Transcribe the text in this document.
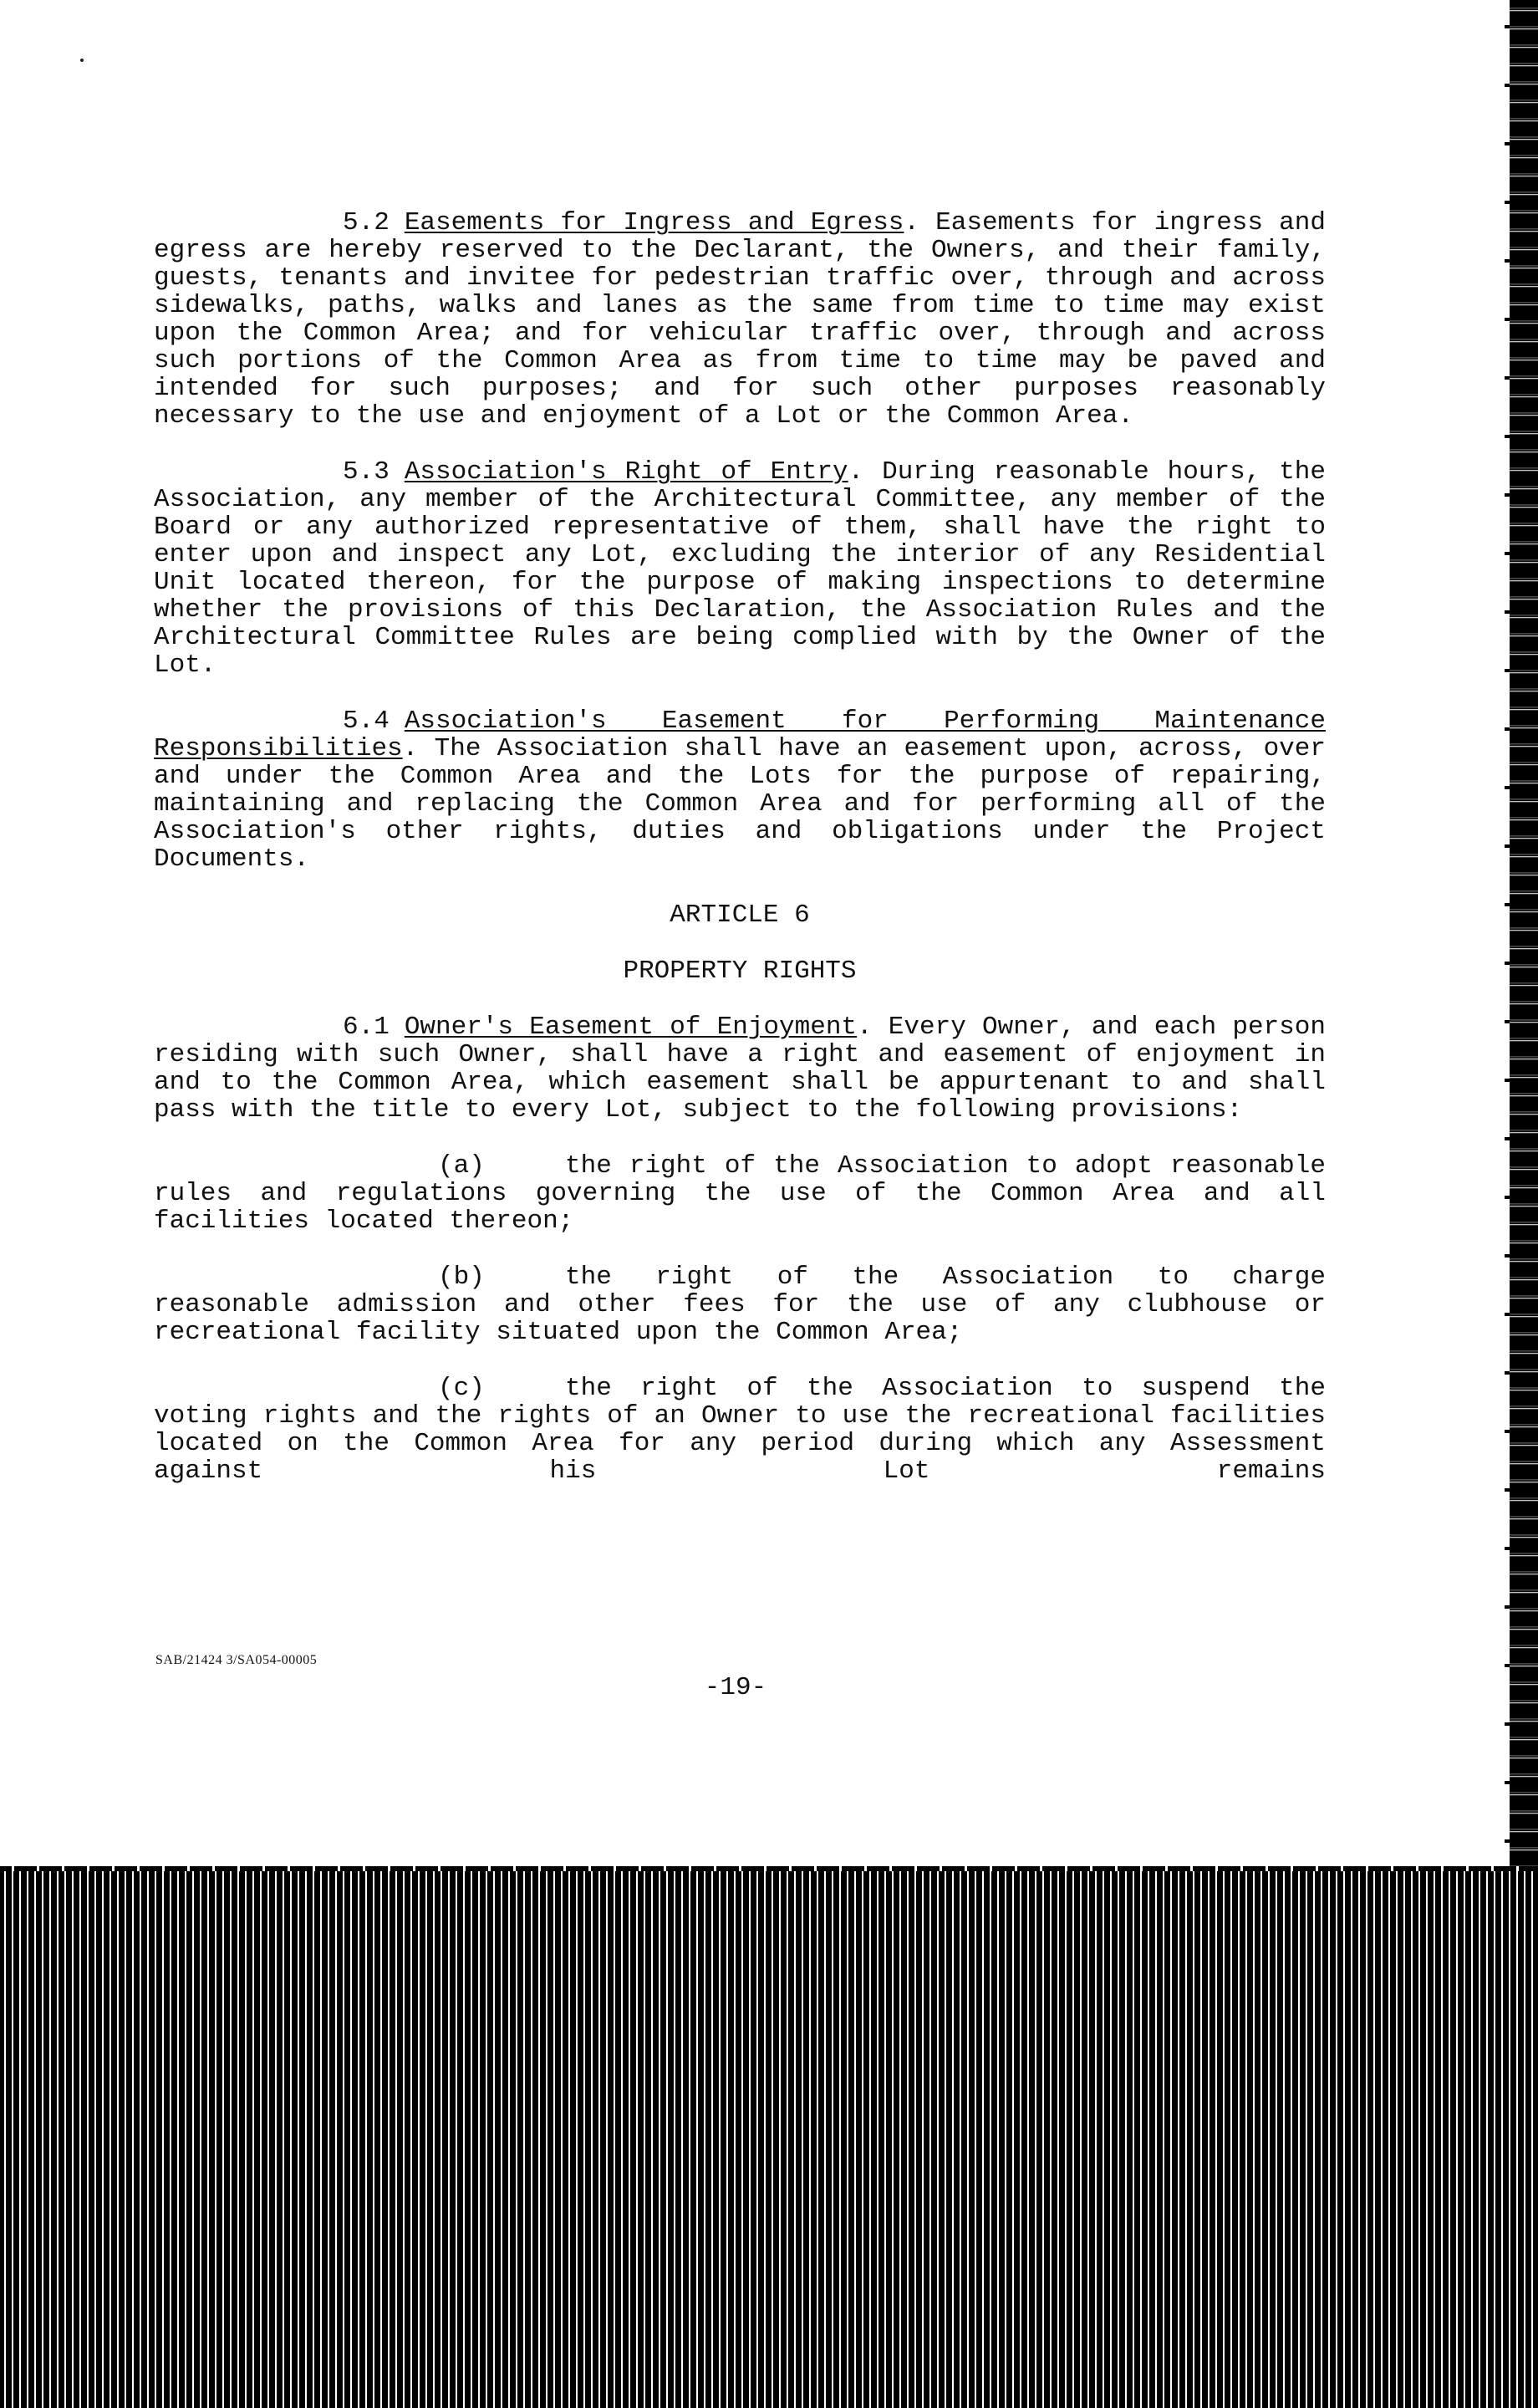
5.2 Easements for Ingress and Egress. Easements for ingress and egress are hereby reserved to the Declarant, the Owners, and their family, guests, tenants and invitee for pedestrian traffic over, through and across sidewalks, paths, walks and lanes as the same from time to time may exist upon the Common Area; and for vehicular traffic over, through and across such portions of the Common Area as from time to time may be paved and intended for such purposes; and for such other purposes reasonably necessary to the use and enjoyment of a Lot or the Common Area.

5.3 Association's Right of Entry. During reasonable hours, the Association, any member of the Architectural Committee, any member of the Board or any authorized representative of them, shall have the right to enter upon and inspect any Lot, excluding the interior of any Residential Unit located thereon, for the purpose of making inspections to determine whether the provisions of this Declaration, the Association Rules and the Architectural Committee Rules are being complied with by the Owner of the Lot.

5.4 Association's Easement for Performing Maintenance Responsibilities. The Association shall have an easement upon, across, over and under the Common Area and the Lots for the purpose of repairing, maintaining and replacing the Common Area and for performing all of the Association's other rights, duties and obligations under the Project Documents.

ARTICLE 6

PROPERTY RIGHTS

6.1 Owner's Easement of Enjoyment. Every Owner, and each person residing with such Owner, shall have a right and easement of enjoyment in and to the Common Area, which easement shall be appurtenant to and shall pass with the title to every Lot, subject to the following provisions:

(a)	the right of the Association to adopt reasonable rules and regulations governing the use of the Common Area and all facilities located thereon;

(b)	the right of the Association to charge reasonable admission and other fees for the use of any clubhouse or recreational facility situated upon the Common Area;

(c)	the right of the Association to suspend the voting rights and the rights of an Owner to use the recreational facilities located on the Common Area for any period during which any Assessment against his Lot remains

SAB/21424 3/SA054-00005
-19-
